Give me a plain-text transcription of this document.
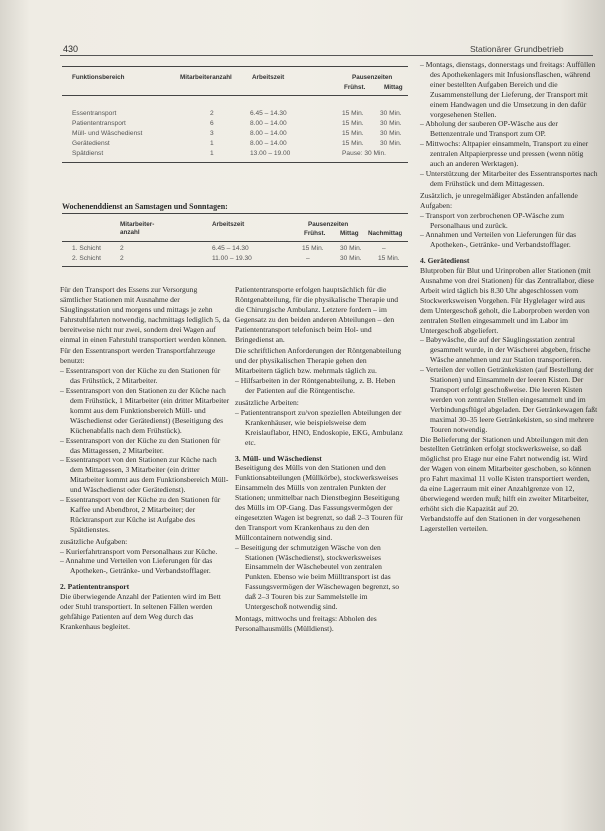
430	Stationärer Grundbetrieb
Funktionsbereich	Mitarbeiteranzahl	Arbeitszeit	Pausenzeiten
Frühst.	Mittag
Essentransport	2	6.45 – 14.30	15 Min. 30 Min.
Patiententransport	6	8.00 – 14.00	15 Min. 30 Min.
Müll- und Wäschedienst	3	8.00 – 14.00	15 Min. 30 Min.
Gerätedienst	1	8.00 – 14.00	15 Min. 30 Min.
Spätdienst	1	13.00 – 19.00	Pause: 30 Min.
Wochenenddienst an Samstagen und Sonntagen:
Mitarbeiter-anzahl
Arbeitszeit	Pausenzeiten
Frühst. Mittag Nachmittag
1. Schicht	2	6.45 – 14.30	15 Min. 30 Min.	–
2. Schicht	2	11.00 – 19.30	–	30 Min. 15 Min.

Für den Transport des Essens zur Versorgung sämtlicher Stationen mit Ausnahme der Säuglingsstation und morgens und mittags je zehn Fahrstuhlfahrten notwendig, nachmittags lediglich 5, da bereitweise nicht nur zwei, sondern drei Wagen auf einmal in einen Fahrstuhl transportiert werden können.

Für den Essentransport werden Transportfahrzeuge benutzt:

– Essentransport von der Küche zu den Stationen für das Frühstück, 2 Mitarbeiter.

– Essentransport von den Stationen zu der Küche nach dem Frühstück, 1 Mitarbeiter (ein dritter Mitarbeiter kommt aus dem Funktionsbereich Müll- und Wäschedienst oder Gerätedienst) (Beseitigung des Küchenabfalls nach dem Frühstück).

– Essentransport von der Küche zu den Stationen für das Mittagessen, 2 Mitarbeiter.

– Essentransport von den Stationen zur Küche nach dem Mittagessen, 3 Mitarbeiter (ein dritter Mitarbeiter kommt aus dem Funktionsbereich Müll- und Wäschedienst oder Gerätedienst).

– Essentransport von der Küche zu den Stationen für Kaffee und Abendbrot, 2 Mitarbeiter; der Rücktransport zur Küche ist Aufgabe des Spätdienstes.

zusätzliche Aufgaben:

– Kurierfahrtransport vom Personalhaus zur Küche.

– Annahme und Verteilen von Lieferungen für das Apotheken-, Getränke- und Verbandstofflager.

2. Patiententransport

Die überwiegende Anzahl der Patienten wird im Bett oder Stuhl transportiert. In seltenen Fällen werden gehfähige Patienten auf dem Weg durch das Krankenhaus begleitet.

Patiententransporte erfolgen hauptsächlich für die Röntgenabteilung, für die physikalische Therapie und die Chirurgische Ambulanz. Letztere fordern – im Gegensatz zu den beiden anderen Abteilungen – den Patiententransport telefonisch beim Hol- und Bringedienst an.

Die schriftlichen Anforderungen der Röntgenabteilung und der physikalischen Therapie gehen den Mitarbeitern täglich bzw. mehrmals täglich zu.

– Hilfsarbeiten in der Röntgenabteilung, z. B. Heben der Patienten auf die Röntgentische.

zusätzliche Arbeiten:

– Patiententransport zu/von speziellen Abteilungen der Krankenhäuser, wie beispielsweise dem Kreislauflabor, HNO, Endoskopie, EKG, Ambulanz etc.

3. Müll- und Wäschedienst

Beseitigung des Mülls von den Stationen und den Funktionsabteilungen (Müllkörbe), stockwerksweises Einsammeln des Mülls von zentralen Punkten der Stationen; unmittelbar nach Dienstbeginn Beseitigung des Mülls im OP-Gang. Das Fassungsvermögen der eingesetzten Wagen ist begrenzt, so daß 2–3 Touren für den Transport vom Krankenhaus zu den den Müllcontainern notwendig sind.

– Beseitigung der schmutzigen Wäsche von den Stationen (Wäschedienst), stockwerksweises Einsammeln der Wäschebeutel von zentralen Punkten. Ebenso wie beim Mülltransport ist das Fassungsvermögen der Wäschewagen begrenzt, so daß 2–3 Touren bis zur Sammelstelle im Untergeschoß notwendig sind.

Montags, mittwochs und freitags: Abholen des Personalhausmülls (Mülldienst).

– Montags, dienstags, donnerstags und freitags: Auffüllen des Apothekenlagers mit Infusionsflaschen, während einer bestellten Aufgaben Bereich und die Zusammenstellung der Lieferung, der Transport mit einem Handwagen und die Umsetzung in den dafür vorgesehenen Stellen.

– Abholung der sauberen OP-Wäsche aus der Bettenzentrale und Transport zum OP.

– Mittwochs: Altpapier einsammeln, Transport zu einer zentralen Altpapierpresse und pressen (wenn nötig auch an anderen Werktagen).

– Unterstützung der Mitarbeiter des Essentransportes nach dem Frühstück und dem Mittagessen.

Zusätzlich, je unregelmäßiger Abständen anfallende Aufgaben:

– Transport von zerbrochenen OP-Wäsche zum Personalhaus und zurück.

– Annahmen und Verteilen von Lieferungen für das Apotheken-, Getränke- und Verbandstofflager.

4. Gerätedienst

Blutproben für Blut und Urinproben aller Stationen (mit Ausnahme von drei Stationen) für das Zentrallabor, diese Arbeit wird täglich bis 8.30 Uhr abgeschlossen vom Stockwerksweisen Vorgehen. Für Hyglelager wird aus dem Untergeschoß geholt, die Laborproben werden von zentralen Stellen eingesammelt und im Labor im Untergeschoß abgeliefert.

– Babywäsche, die auf der Säuglingsstation zentral gesammelt wurde, in der Wäscherei abgeben, frische Wäsche annehmen und zur Station transportieren.

– Verteilen der vollen Getränkekisten (auf Bestellung der Stationen) und Einsammeln der leeren Kisten. Der Transport erfolgt geschoßweise. Die leeren Kisten werden von zentralen Stellen eingesammelt und im Verbindungsflügel abgeladen. Der Getränkewagen faßt maximal 30–35 leere Getränkekisten, so sind mehrere Touren notwendig.

Die Belieferung der Stationen und Abteilungen mit den bestellten Getränken erfolgt stockwerksweise, so daß möglichst pro Etage nur eine Fahrt notwendig ist. Wird der Wagen von einem Mitarbeiter geschoben, so können pro Fahrt maximal 11 volle Kisten transportiert werden, da eine Lagerraum mit einer Anzahlgrenze von 12, überwiegend werden muß; hilft ein zweiter Mitarbeiter, erhöht sich die Kapazität auf 20.

Verbandstoffe auf den Stationen in der vorgesehenen Lagerstellen verteilen.
